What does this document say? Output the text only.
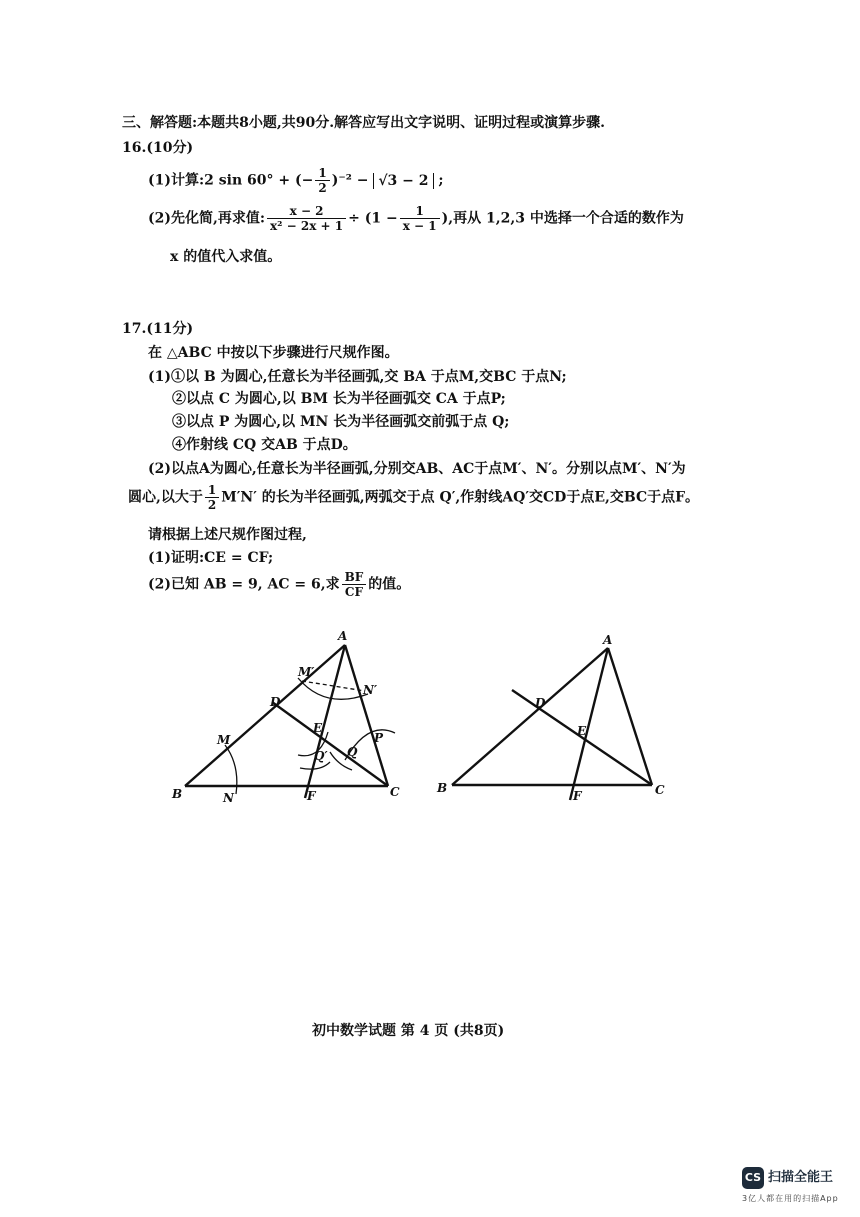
三、解答题:本题共8小题,共90分.解答应写出文字说明、证明过程或演算步骤.
16.(10分)
(1)计算:2 sin 60° + (− $\frac{1}{2} )^{-2} - √3 - 2$ ;
(2)先化简,再求值: $\frac{x - 2}{\text{x² − 2x + 1}} \div (1 - \frac{1}{x - 1}$ ),再从 1,2,3 中选择一个合适的数作为
x 的值代入求值。
17.(11分)
在 △ABC 中按以下步骤进行尺规作图。
(1)①以 B 为圆心,任意长为半径画弧,交 BA 于点M,交BC 于点N;
②以点 C 为圆心,以 BM 长为半径画弧交 CA 于点P;
③以点 P 为圆心,以 MN 长为半径画弧交前弧于点 Q;
④作射线 CQ 交AB 于点D。
(2)以点A为圆心,任意长为半径画弧,分别交AB、AC于点M′、N′。分别以点M′、N′为
圆心,以大于 $\frac{1}{2} M'N'$ 的长为半径画弧,两弧交于点 Q′,作射线AQ′交CD于点E,交BC于点F。
请根据上述尺规作图过程,
(1)证明:CE = CF;
(2)已知 AB = 9, AC = 6,求 $\frac{BF}{CF}$ 的值。
A
B	C
D
E
F
M
N
M′
N′
P
Q
Q′
A
B	C
D
E
F
初中数学试题 第 4 页 (共8页)
CS 扫描全能王
3亿人都在用的扫描App
